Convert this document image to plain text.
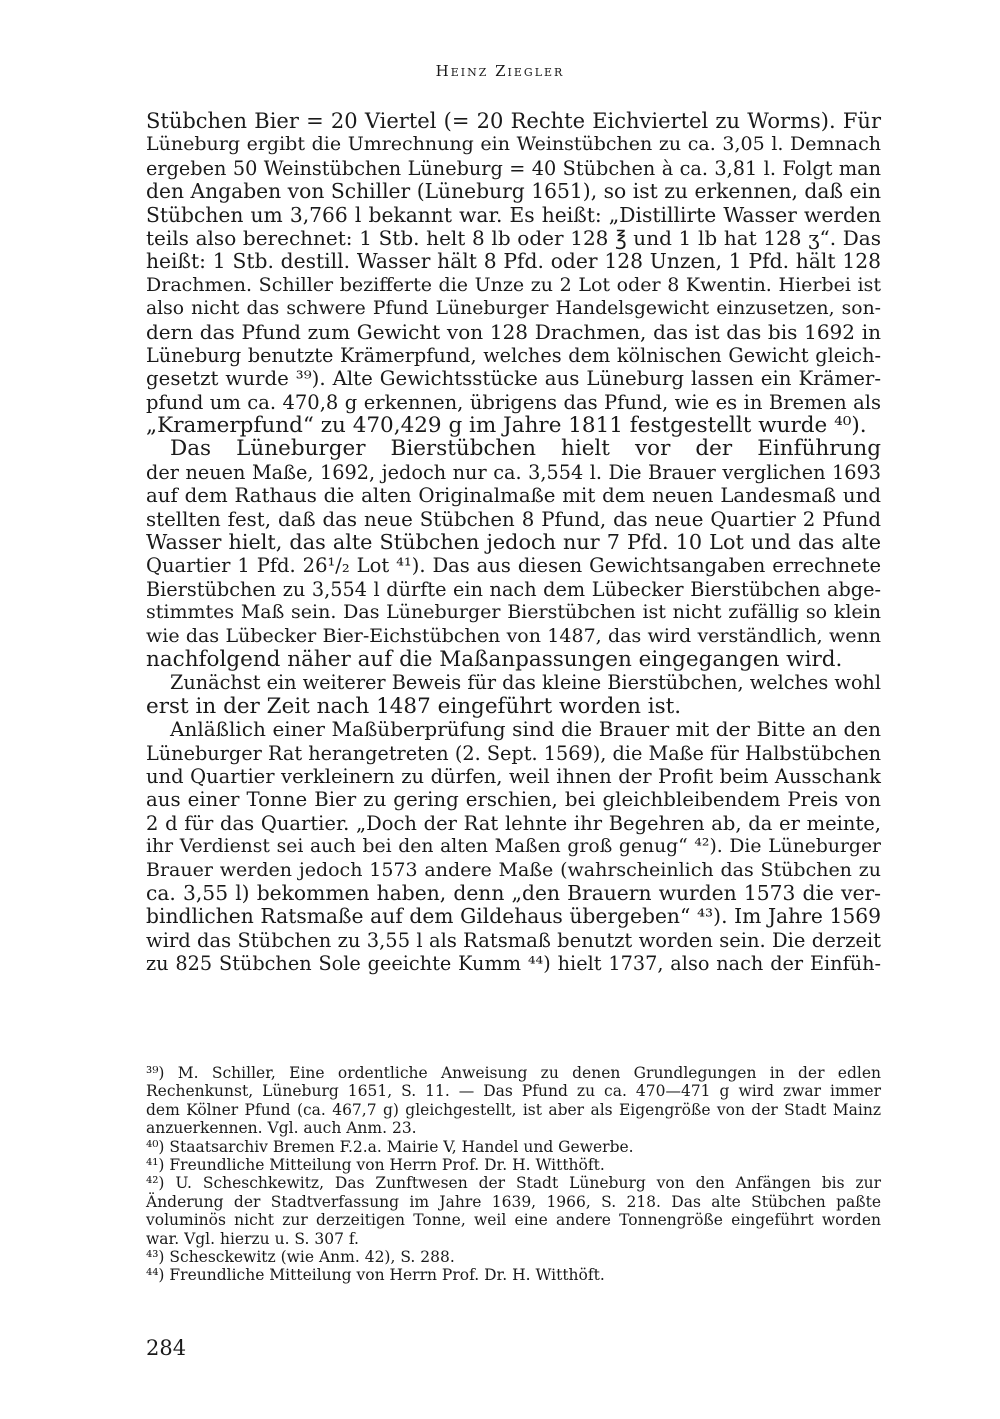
Heinz Ziegler
Stübchen Bier = 20 Viertel (= 20 Rechte Eichviertel zu Worms). Für
Lüneburg ergibt die Umrechnung ein Weinstübchen zu ca. 3,05 l. Demnach
ergeben 50 Weinstübchen Lüneburg = 40 Stübchen à ca. 3,81 l. Folgt man
den Angaben von Schiller (Lüneburg 1651), so ist zu erkennen, daß ein
Stübchen um 3,766 l bekannt war. Es heißt: „Distillirte Wasser werden
teils also berechnet: 1 Stb. helt 8 lb oder 128 ℥ und 1 lb hat 128 ʒ“. Das
heißt: 1 Stb. destill. Wasser hält 8 Pfd. oder 128 Unzen, 1 Pfd. hält 128
Drachmen. Schiller bezifferte die Unze zu 2 Lot oder 8 Kwentin. Hierbei ist
also nicht das schwere Pfund Lüneburger Handelsgewicht einzusetzen, son-
dern das Pfund zum Gewicht von 128 Drachmen, das ist das bis 1692 in
Lüneburg benutzte Krämerpfund, welches dem kölnischen Gewicht gleich-
gesetzt wurde ³⁹). Alte Gewichtsstücke aus Lüneburg lassen ein Krämer-
pfund um ca. 470,8 g erkennen, übrigens das Pfund, wie es in Bremen als
„Kramerpfund“ zu 470,429 g im Jahre 1811 festgestellt wurde ⁴⁰).
Das Lüneburger Bierstübchen hielt vor der Einführung
der neuen Maße, 1692, jedoch nur ca. 3,554 l. Die Brauer verglichen 1693
auf dem Rathaus die alten Originalmaße mit dem neuen Landesmaß und
stellten fest, daß das neue Stübchen 8 Pfund, das neue Quartier 2 Pfund
Wasser hielt, das alte Stübchen jedoch nur 7 Pfd. 10 Lot und das alte
Quartier 1 Pfd. 26¹/₂ Lot ⁴¹). Das aus diesen Gewichtsangaben errechnete
Bierstübchen zu 3,554 l dürfte ein nach dem Lübecker Bierstübchen abge-
stimmtes Maß sein. Das Lüneburger Bierstübchen ist nicht zufällig so klein
wie das Lübecker Bier-Eichstübchen von 1487, das wird verständlich, wenn
nachfolgend näher auf die Maßanpassungen eingegangen wird.
Zunächst ein weiterer Beweis für das kleine Bierstübchen, welches wohl
erst in der Zeit nach 1487 eingeführt worden ist.
Anläßlich einer Maßüberprüfung sind die Brauer mit der Bitte an den
Lüneburger Rat herangetreten (2. Sept. 1569), die Maße für Halbstübchen
und Quartier verkleinern zu dürfen, weil ihnen der Profit beim Ausschank
aus einer Tonne Bier zu gering erschien, bei gleichbleibendem Preis von
2 d für das Quartier. „Doch der Rat lehnte ihr Begehren ab, da er meinte,
ihr Verdienst sei auch bei den alten Maßen groß genug“ ⁴²). Die Lüneburger
Brauer werden jedoch 1573 andere Maße (wahrscheinlich das Stübchen zu
ca. 3,55 l) bekommen haben, denn „den Brauern wurden 1573 die ver-
bindlichen Ratsmaße auf dem Gildehaus übergeben“ ⁴³). Im Jahre 1569
wird das Stübchen zu 3,55 l als Ratsmaß benutzt worden sein. Die derzeit
zu 825 Stübchen Sole geeichte Kumm ⁴⁴) hielt 1737, also nach der Einfüh-
³⁹) M. Schiller, Eine ordentliche Anweisung zu denen Grundlegungen in der edlen
Rechenkunst, Lüneburg 1651, S. 11. — Das Pfund zu ca. 470—471 g wird zwar immer
dem Kölner Pfund (ca. 467,7 g) gleichgestellt, ist aber als Eigengröße von der Stadt Mainz
anzuerkennen. Vgl. auch Anm. 23.
⁴⁰) Staatsarchiv Bremen F.2.a. Mairie V, Handel und Gewerbe.
⁴¹) Freundliche Mitteilung von Herrn Prof. Dr. H. Witthöft.
⁴²) U. Scheschkewitz, Das Zunftwesen der Stadt Lüneburg von den Anfängen bis zur
Änderung der Stadtverfassung im Jahre 1639, 1966, S. 218. Das alte Stübchen paßte
voluminös nicht zur derzeitigen Tonne, weil eine andere Tonnengröße eingeführt worden
war. Vgl. hierzu u. S. 307 f.
⁴³) Schesckewitz (wie Anm. 42), S. 288.
⁴⁴) Freundliche Mitteilung von Herrn Prof. Dr. H. Witthöft.
284
